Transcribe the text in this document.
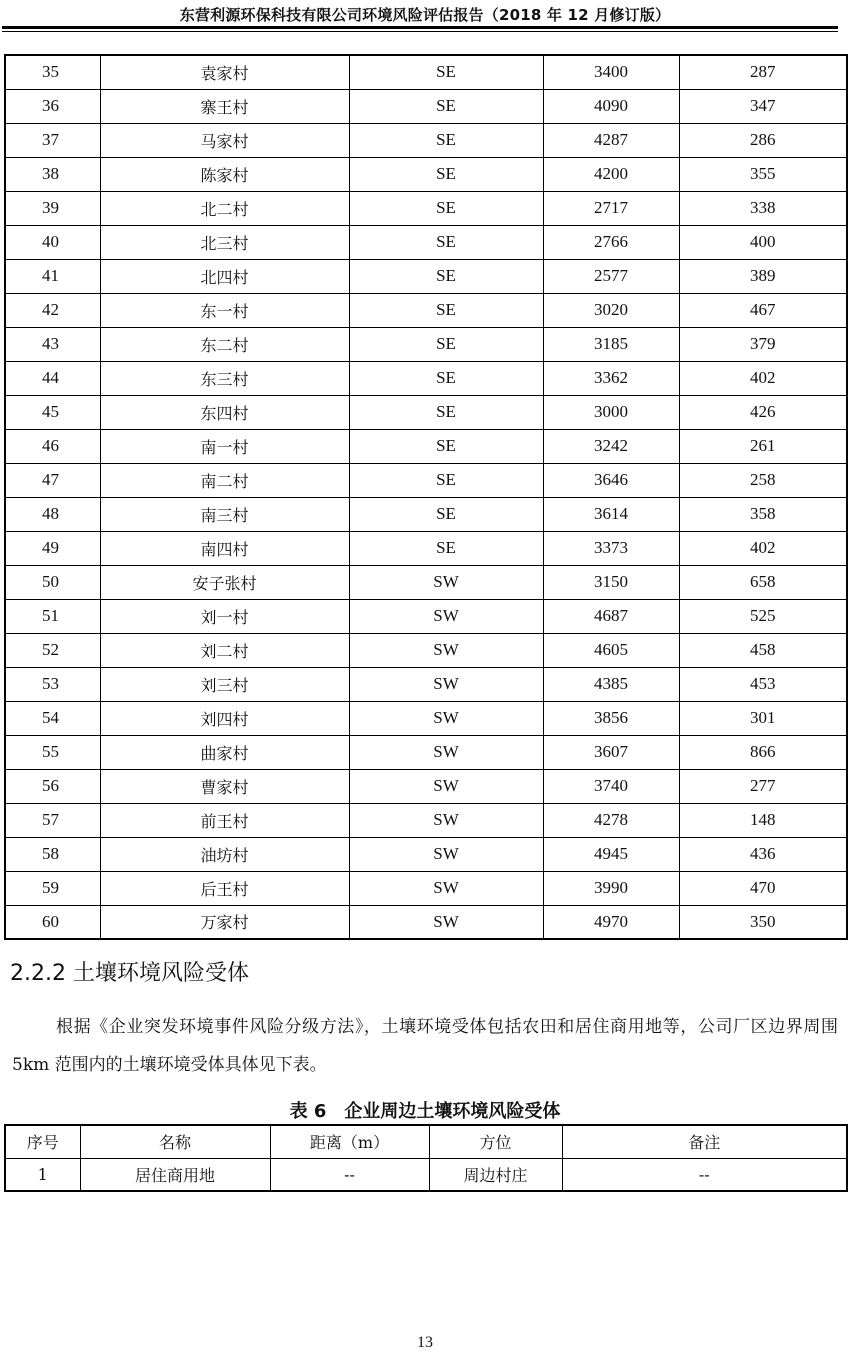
东营利源环保科技有限公司环境风险评估报告（2018 年 12 月修订版）
35	袁家村	SE	3400	287
36	寨王村	SE	4090	347
37	马家村	SE	4287	286
38	陈家村	SE	4200	355
39	北二村	SE	2717	338
40	北三村	SE	2766	400
41	北四村	SE	2577	389
42	东一村	SE	3020	467
43	东二村	SE	3185	379
44	东三村	SE	3362	402
45	东四村	SE	3000	426
46	南一村	SE	3242	261
47	南二村	SE	3646	258
48	南三村	SE	3614	358
49	南四村	SE	3373	402
50	安子张村	SW	3150	658
51	刘一村	SW	4687	525
52	刘二村	SW	4605	458
53	刘三村	SW	4385	453
54	刘四村	SW	3856	301
55	曲家村	SW	3607	866
56	曹家村	SW	3740	277
57	前王村	SW	4278	148
58	油坊村	SW	4945	436
59	后王村	SW	3990	470
60	万家村	SW	4970	350
2.2.2 土壤环境风险受体
根据《企业突发环境事件风险分级方法》，土壤环境受体包括农田和居住商用地等，公司厂区边界周围 5km 范围内的土壤环境受体具体见下表。
表 6　企业周边土壤环境风险受体
序号	名称	距离（m）	方位	备注
1	居住商用地	--	周边村庄	--
13
